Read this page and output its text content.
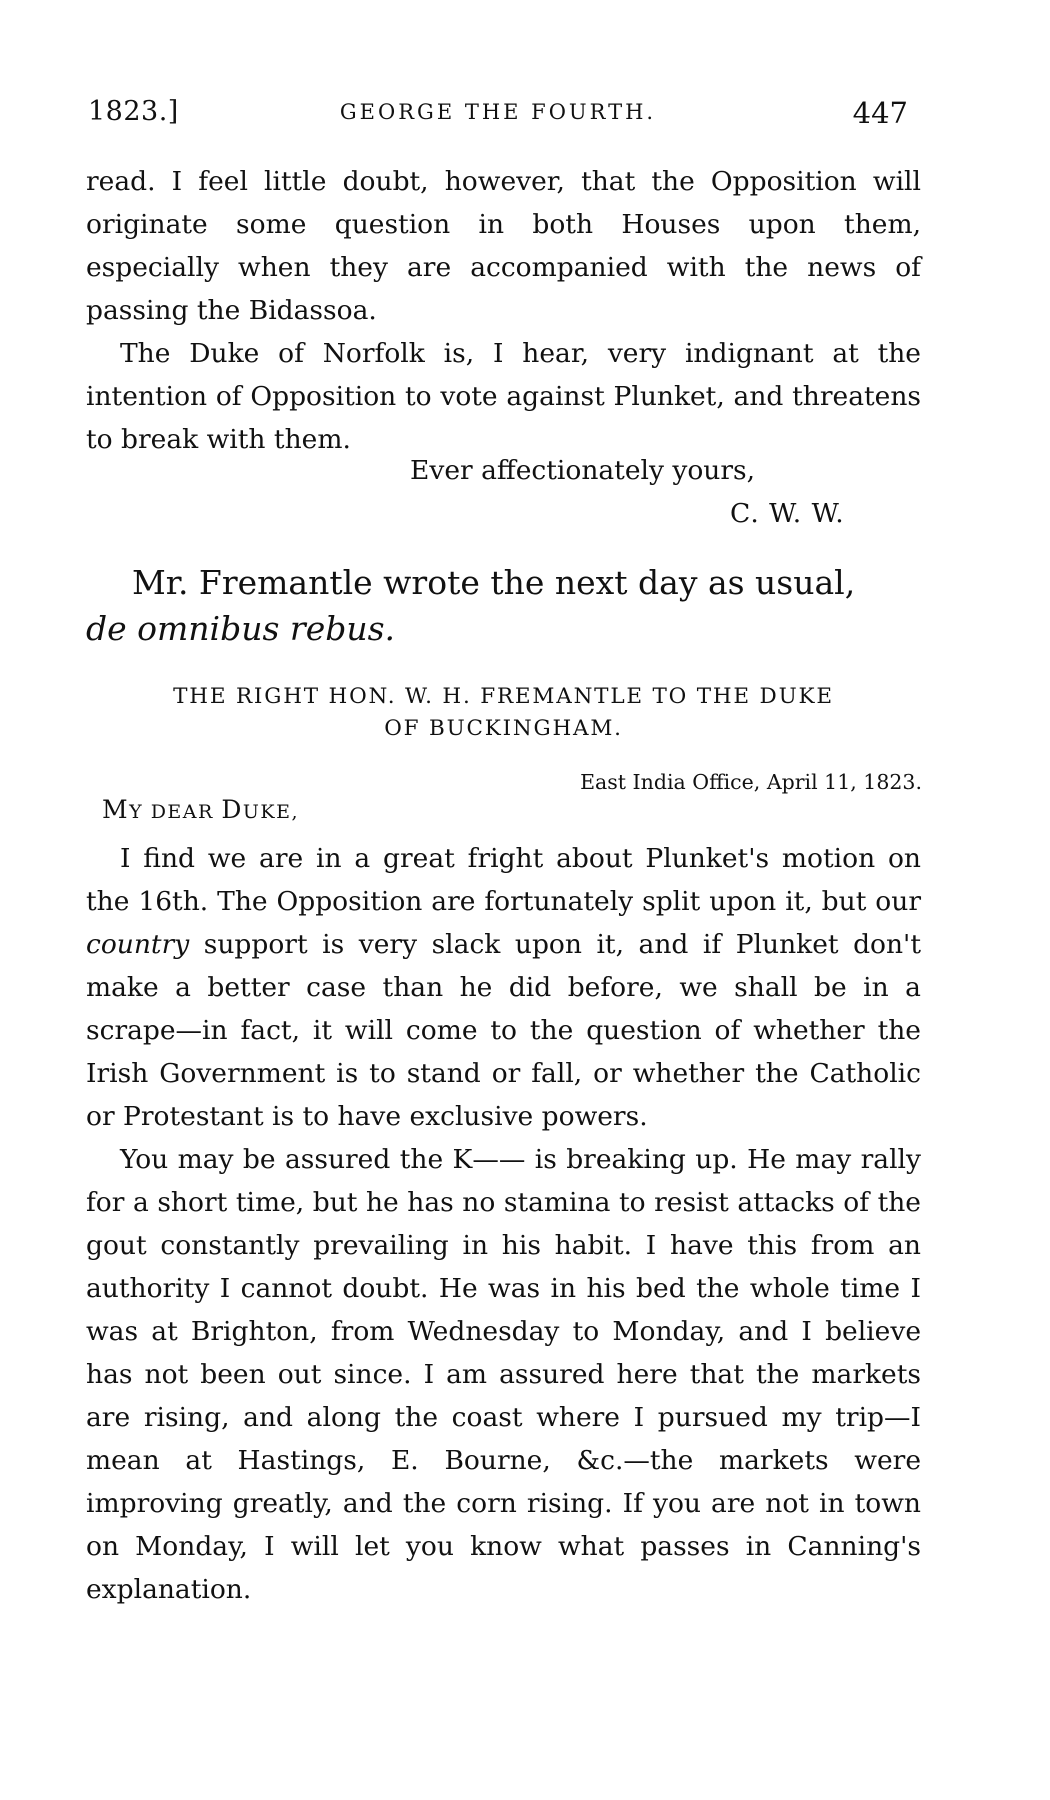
1823.]	GEORGE THE FOURTH.	447

read. I feel little doubt, however, that the Opposition will originate some question in both Houses upon them, especially when they are accompanied with the news of passing the Bidassoa.

The Duke of Norfolk is, I hear, very indignant at the intention of Opposition to vote against Plunket, and threatens to break with them.

Ever affectionately yours,
C. W. W.

Mr. Fremantle wrote the next day as usual,
de omnibus rebus.

THE RIGHT HON. W. H. FREMANTLE TO THE DUKE
OF BUCKINGHAM.
East India Office, April 11, 1823.
MY DEAR DUKE,

I find we are in a great fright about Plunket's motion on the 16th. The Opposition are fortunately split upon it, but our country support is very slack upon it, and if Plunket don't make a better case than he did before, we shall be in a scrape—in fact, it will come to the question of whether the Irish Government is to stand or fall, or whether the Catholic or Protestant is to have exclusive powers.

You may be assured the K—— is breaking up. He may rally for a short time, but he has no stamina to resist attacks of the gout constantly prevailing in his habit. I have this from an authority I cannot doubt. He was in his bed the whole time I was at Brighton, from Wednesday to Monday, and I believe has not been out since. I am assured here that the markets are rising, and along the coast where I pursued my trip—I mean at Hastings, E. Bourne, &c.—the markets were improving greatly, and the corn rising. If you are not in town on Monday, I will let you know what passes in Canning's explanation.
